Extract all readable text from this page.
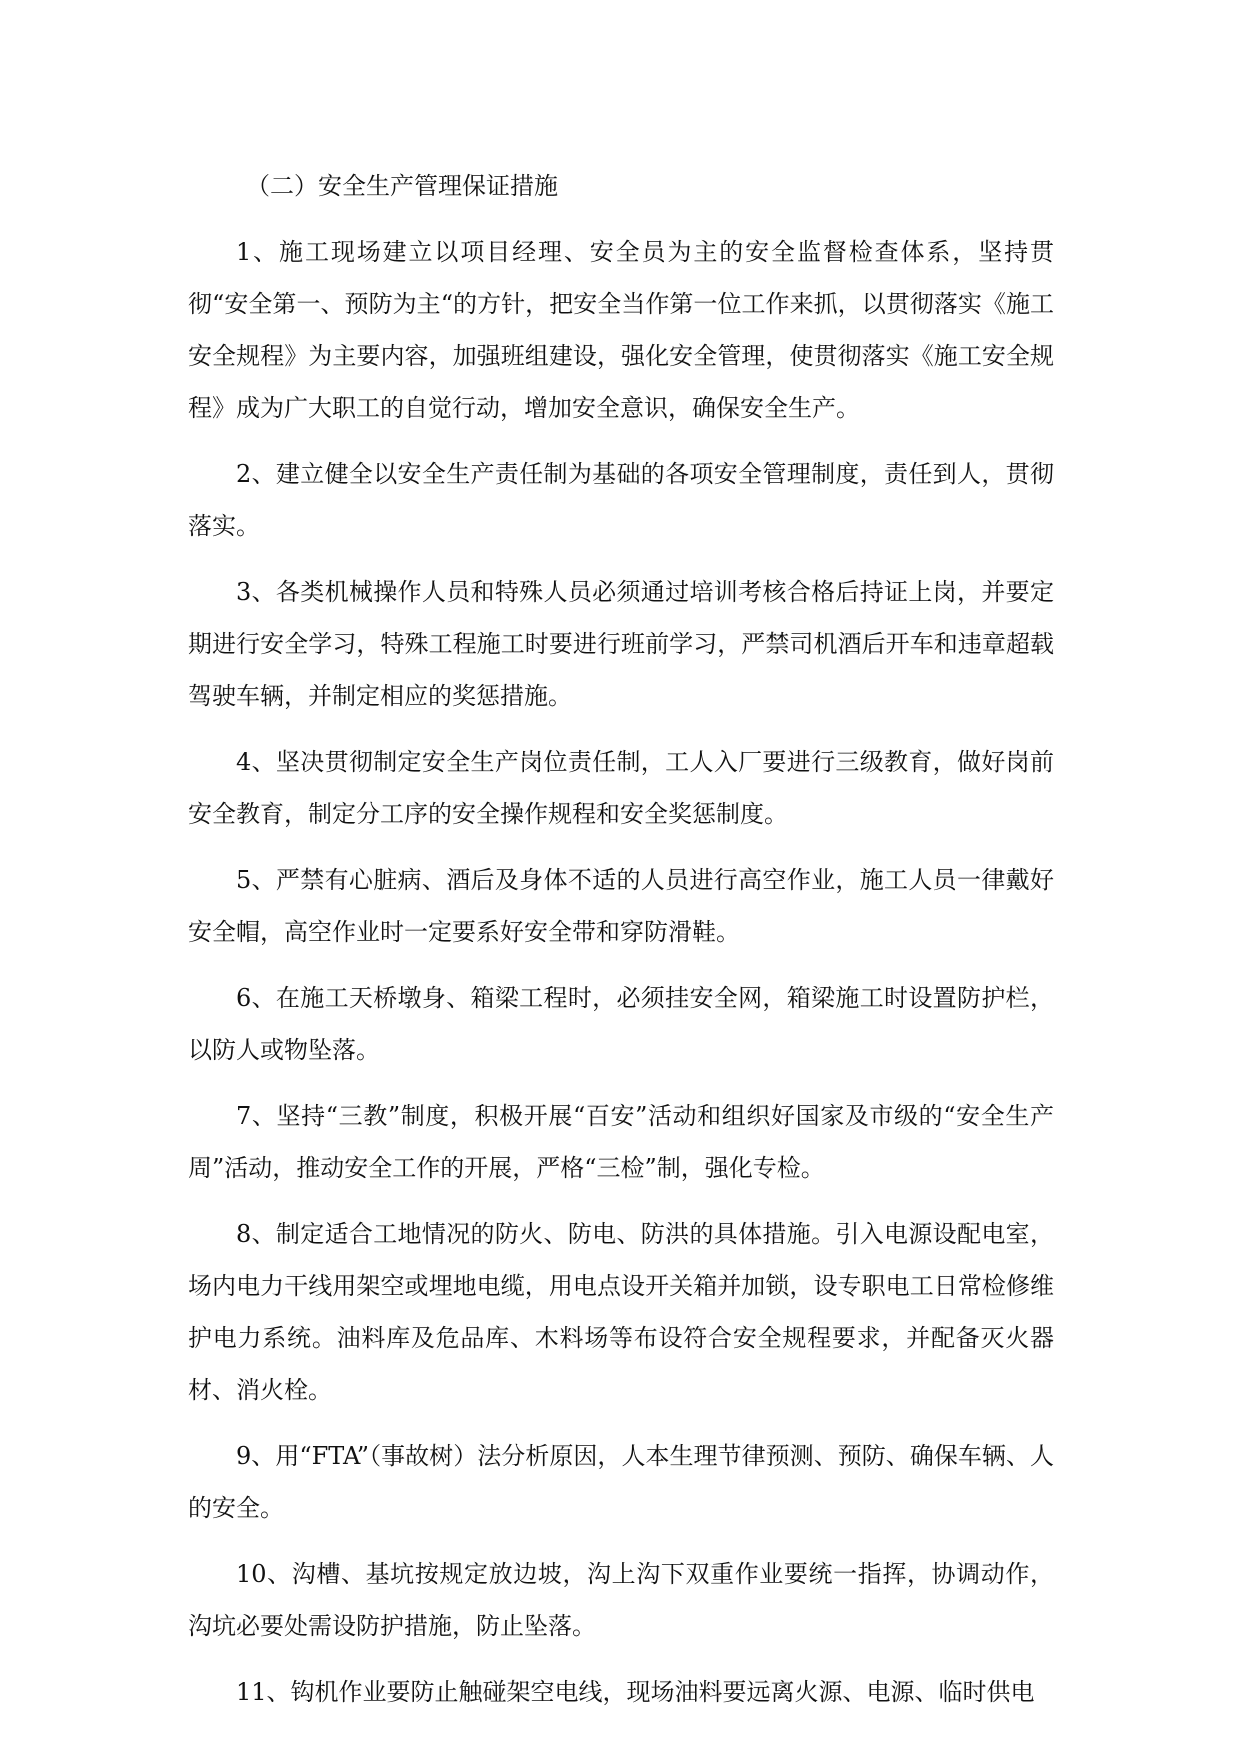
（二）安全生产管理保证措施

1、施工现场建立以项目经理、安全员为主的安全监督检查体系，坚持贯彻“安全第一、预防为主“的方针，把安全当作第一位工作来抓，以贯彻落实《施工安全规程》为主要内容，加强班组建设，强化安全管理，使贯彻落实《施工安全规程》成为广大职工的自觉行动，增加安全意识，确保安全生产。

2、建立健全以安全生产责任制为基础的各项安全管理制度，责任到人，贯彻落实。

3、各类机械操作人员和特殊人员必须通过培训考核合格后持证上岗，并要定期进行安全学习，特殊工程施工时要进行班前学习，严禁司机酒后开车和违章超载驾驶车辆，并制定相应的奖惩措施。

4、坚决贯彻制定安全生产岗位责任制，工人入厂要进行三级教育，做好岗前安全教育，制定分工序的安全操作规程和安全奖惩制度。

5、严禁有心脏病、酒后及身体不适的人员进行高空作业，施工人员一律戴好安全帽，高空作业时一定要系好安全带和穿防滑鞋。

6、在施工天桥墩身、箱梁工程时，必须挂安全网，箱梁施工时设置防护栏，以防人或物坠落。

7、坚持“三教”制度，积极开展“百安”活动和组织好国家及市级的“安全生产周”活动，推动安全工作的开展，严格“三检”制，强化专检。

8、制定适合工地情况的防火、防电、防洪的具体措施。引入电源设配电室，场内电力干线用架空或埋地电缆，用电点设开关箱并加锁，设专职电工日常检修维护电力系统。油料库及危品库、木料场等布设符合安全规程要求，并配备灭火器材、消火栓。

9、用“FTA”（事故树）法分析原因，人本生理节律预测、预防、确保车辆、人的安全。

10、沟槽、基坑按规定放边坡，沟上沟下双重作业要统一指挥，协调动作，沟坑必要处需设防护措施，防止坠落。

11、钩机作业要防止触碰架空电线，现场油料要远离火源、电源、临时供电
